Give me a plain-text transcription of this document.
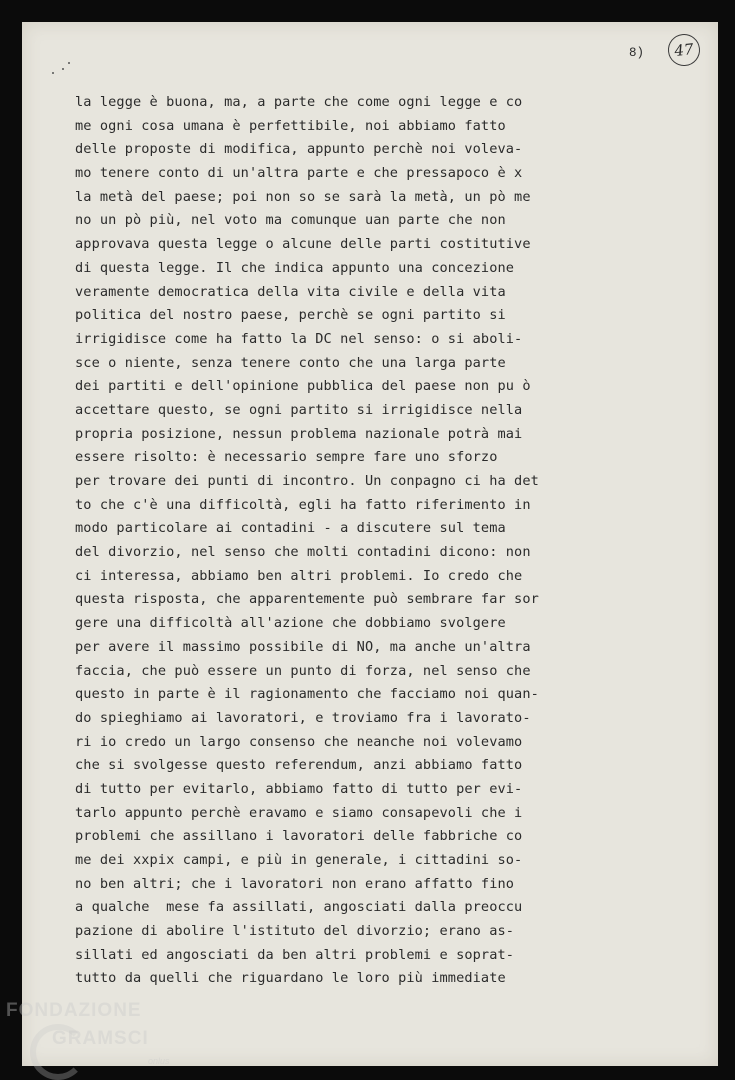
8)	47
la legge è buona, ma, a parte che come ogni legge e co
me ogni cosa umana è perfettibile, noi abbiamo fatto
delle proposte di modifica, appunto perchè noi voleva-
mo tenere conto di un'altra parte e che pressapoco è x
la metà del paese; poi non so se sarà la metà, un pò me
no un pò più, nel voto ma comunque uan parte che non
approvava questa legge o alcune delle parti costitutive
di questa legge. Il che indica appunto una concezione
veramente democratica della vita civile e della vita
politica del nostro paese, perchè se ogni partito si
irrigidisce come ha fatto la DC nel senso: o si aboli-
sce o niente, senza tenere conto che una larga parte
dei partiti e dell'opinione pubblica del paese non pu ò
accettare questo, se ogni partito si irrigidisce nella
propria posizione, nessun problema nazionale potrà mai
essere risolto: è necessario sempre fare uno sforzo
per trovare dei punti di incontro. Un conpagno ci ha det
to che c'è una difficoltà, egli ha fatto riferimento in
modo particolare ai contadini - a discutere sul tema
del divorzio, nel senso che molti contadini dicono: non
ci interessa, abbiamo ben altri problemi. Io credo che
questa risposta, che apparentemente può sembrare far sor
gere una difficoltà all'azione che dobbiamo svolgere
per avere il massimo possibile di NO, ma anche un'altra
faccia, che può essere un punto di forza, nel senso che
questo in parte è il ragionamento che facciamo noi quan-
do spieghiamo ai lavoratori, e troviamo fra i lavorato-
ri io credo un largo consenso che neanche noi volevamo
che si svolgesse questo referendum, anzi abbiamo fatto
di tutto per evitarlo, abbiamo fatto di tutto per evi-
tarlo appunto perchè eravamo e siamo consapevoli che i
problemi che assillano i lavoratori delle fabbriche co
me dei xxpix campi, e più in generale, i cittadini so-
no ben altri; che i lavoratori non erano affatto fino
a qualche  mese fa assillati, angosciati dalla preoccu
pazione di abolire l'istituto del divorzio; erano as-
sillati ed angosciati da ben altri problemi e soprat-
tutto da quelli che riguardano le loro più immediate
FONDAZIONE
GRAMSCI
onlus
